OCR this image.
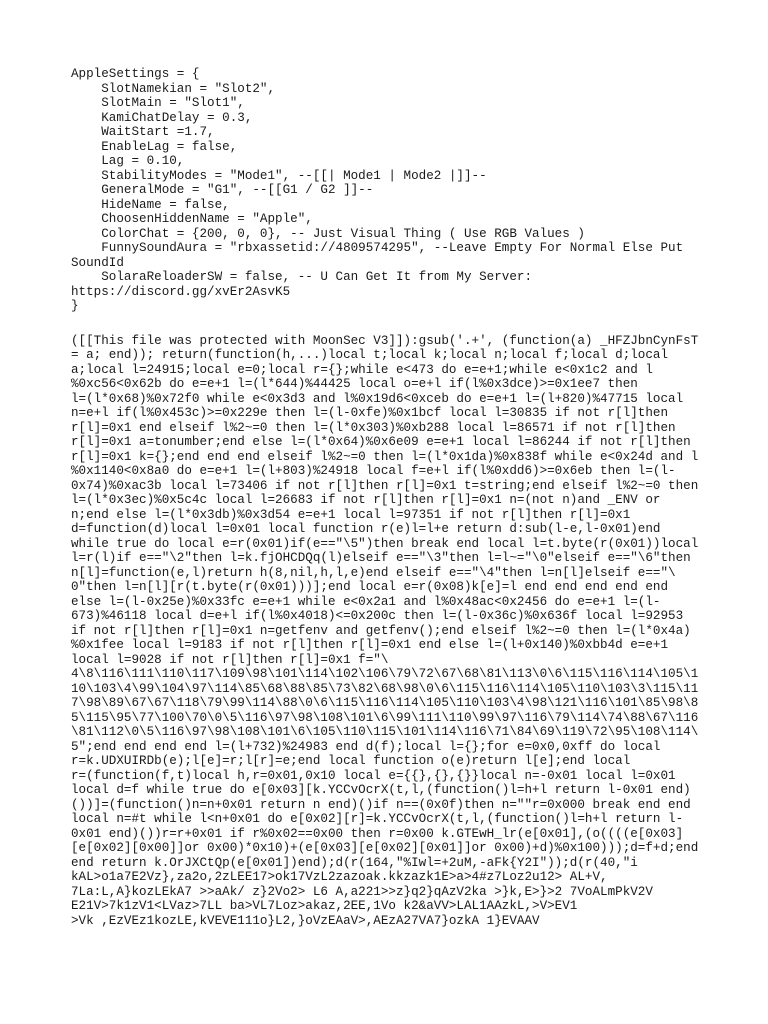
AppleSettings = {
SlotNamekian = "Slot2",
SlotMain = "Slot1",
KamiChatDelay = 0.3,
WaitStart =1.7,
EnableLag = false,
Lag = 0.10,
StabilityModes = "Mode1", --[[| Mode1 | Mode2 |]]--
GeneralMode = "G1", --[[G1 / G2 ]]--
HideName = false,
ChoosenHiddenName = "Apple",
ColorChat = {200, 0, 0}, -- Just Visual Thing ( Use RGB Values )
FunnySoundAura = "rbxassetid://4809574295", --Leave Empty For Normal Else Put
SoundId
SolaraReloaderSW = false, -- U Can Get It from My Server:
https://discord.gg/xvEr2AsvK5
}
([[This file was protected with MoonSec V3]]):gsub('.+', (function(a) _HFZJbnCynFsT
= a; end)); return(function(h,...)local t;local k;local n;local f;local d;local
a;local l=24915;local e=0;local r={};while e<473 do e=e+1;while e<0x1c2 and l
%0xc56<0x62b do e=e+1 l=(l*644)%44425 local o=e+l if(l%0x3dce)>=0x1ee7 then
l=(l*0x68)%0x72f0 while e<0x3d3 and l%0x19d6<0xceb do e=e+1 l=(l+820)%47715 local
n=e+l if(l%0x453c)>=0x229e then l=(l-0xfe)%0x1bcf local l=30835 if not r[l]then
r[l]=0x1 end elseif l%2~=0 then l=(l*0x303)%0xb288 local l=86571 if not r[l]then
r[l]=0x1 a=tonumber;end else l=(l*0x64)%0x6e09 e=e+1 local l=86244 if not r[l]then
r[l]=0x1 k={};end end end elseif l%2~=0 then l=(l*0x1da)%0x838f while e<0x24d and l
%0x1140<0x8a0 do e=e+1 l=(l+803)%24918 local f=e+l if(l%0xdd6)>=0x6eb then l=(l-
0x74)%0xac3b local l=73406 if not r[l]then r[l]=0x1 t=string;end elseif l%2~=0 then
l=(l*0x3ec)%0x5c4c local l=26683 if not r[l]then r[l]=0x1 n=(not n)and _ENV or
n;end else l=(l*0x3db)%0x3d54 e=e+1 local l=97351 if not r[l]then r[l]=0x1
d=function(d)local l=0x01 local function r(e)l=l+e return d:sub(l-e,l-0x01)end
while true do local e=r(0x01)if(e=="\5")then break end local l=t.byte(r(0x01))local
l=r(l)if e=="\2"then l=k.fjOHCDQq(l)elseif e=="\3"then l=l~="\0"elseif e=="\6"then
n[l]=function(e,l)return h(8,nil,h,l,e)end elseif e=="\4"then l=n[l]elseif e=="\
0"then l=n[l][r(t.byte(r(0x01)))];end local e=r(0x08)k[e]=l end end end end end
else l=(l-0x25e)%0x33fc e=e+1 while e<0x2a1 and l%0x48ac<0x2456 do e=e+1 l=(l-
673)%46118 local d=e+l if(l%0x4018)<=0x200c then l=(l-0x36c)%0x636f local l=92953
if not r[l]then r[l]=0x1 n=getfenv and getfenv();end elseif l%2~=0 then l=(l*0x4a)
%0x1fee local l=9183 if not r[l]then r[l]=0x1 end else l=(l+0x140)%0xbb4d e=e+1
local l=9028 if not r[l]then r[l]=0x1 f="\
4\8\116\111\110\117\109\98\101\114\102\106\79\72\67\68\81\113\0\6\115\116\114\105\1
10\103\4\99\104\97\114\85\68\88\85\73\82\68\98\0\6\115\116\114\105\110\103\3\115\11
7\98\89\67\67\118\79\99\114\88\0\6\115\116\114\105\110\103\4\98\121\116\101\85\98\8
5\115\95\77\100\70\0\5\116\97\98\108\101\6\99\111\110\99\97\116\79\114\74\88\67\116
\81\112\0\5\116\97\98\108\101\6\105\110\115\101\114\116\71\84\69\119\72\95\108\114\
5";end end end end l=(l+732)%24983 end d(f);local l={};for e=0x0,0xff do local
r=k.UDXUIRDb(e);l[e]=r;l[r]=e;end local function o(e)return l[e];end local
r=(function(f,t)local h,r=0x01,0x10 local e={{},{},{}}local n=-0x01 local l=0x01
local d=f while true do e[0x03][k.YCCvOcrX(t,l,(function()l=h+l return l-0x01 end)
())]=(function()n=n+0x01 return n end)()if n==(0x0f)then n=""r=0x000 break end end
local n=#t while l<n+0x01 do e[0x02][r]=k.YCCvOcrX(t,l,(function()l=h+l return l-
0x01 end)())r=r+0x01 if r%0x02==0x00 then r=0x00 k.GTEwH_lr(e[0x01],(o((((e[0x03]
[e[0x02][0x00]]or 0x00)*0x10)+(e[0x03][e[0x02][0x01]]or 0x00)+d)%0x100)));d=f+d;end
end return k.OrJXCtQp(e[0x01])end);d(r(164,"%Iwl=+2uM,-aFk{Y2I"));d(r(40,"i
kAL>o1a7E2Vz},za2o,2zLEE17>ok17VzL2zazoak.kkzazk1E>a>4#z7Loz2u12> AL+V,
7La:L,A}kozLEkA7 >>aAk/ z}2Vo2> L6 A,a221>>z}q2}qAzV2ka >}k,E>}>2 7VoALmPkV2V
E21V>7k1zV1<LVaz>7LL ba>VL7Loz>akaz,2EE,1Vo k2&aVV>LAL1AAzkL,>V>EV1
>Vk ,EzVEz1kozLE,kVEVE111o}L2,}oVzEAaV>,AEzA27VA7}ozkA 1}EVAAV
